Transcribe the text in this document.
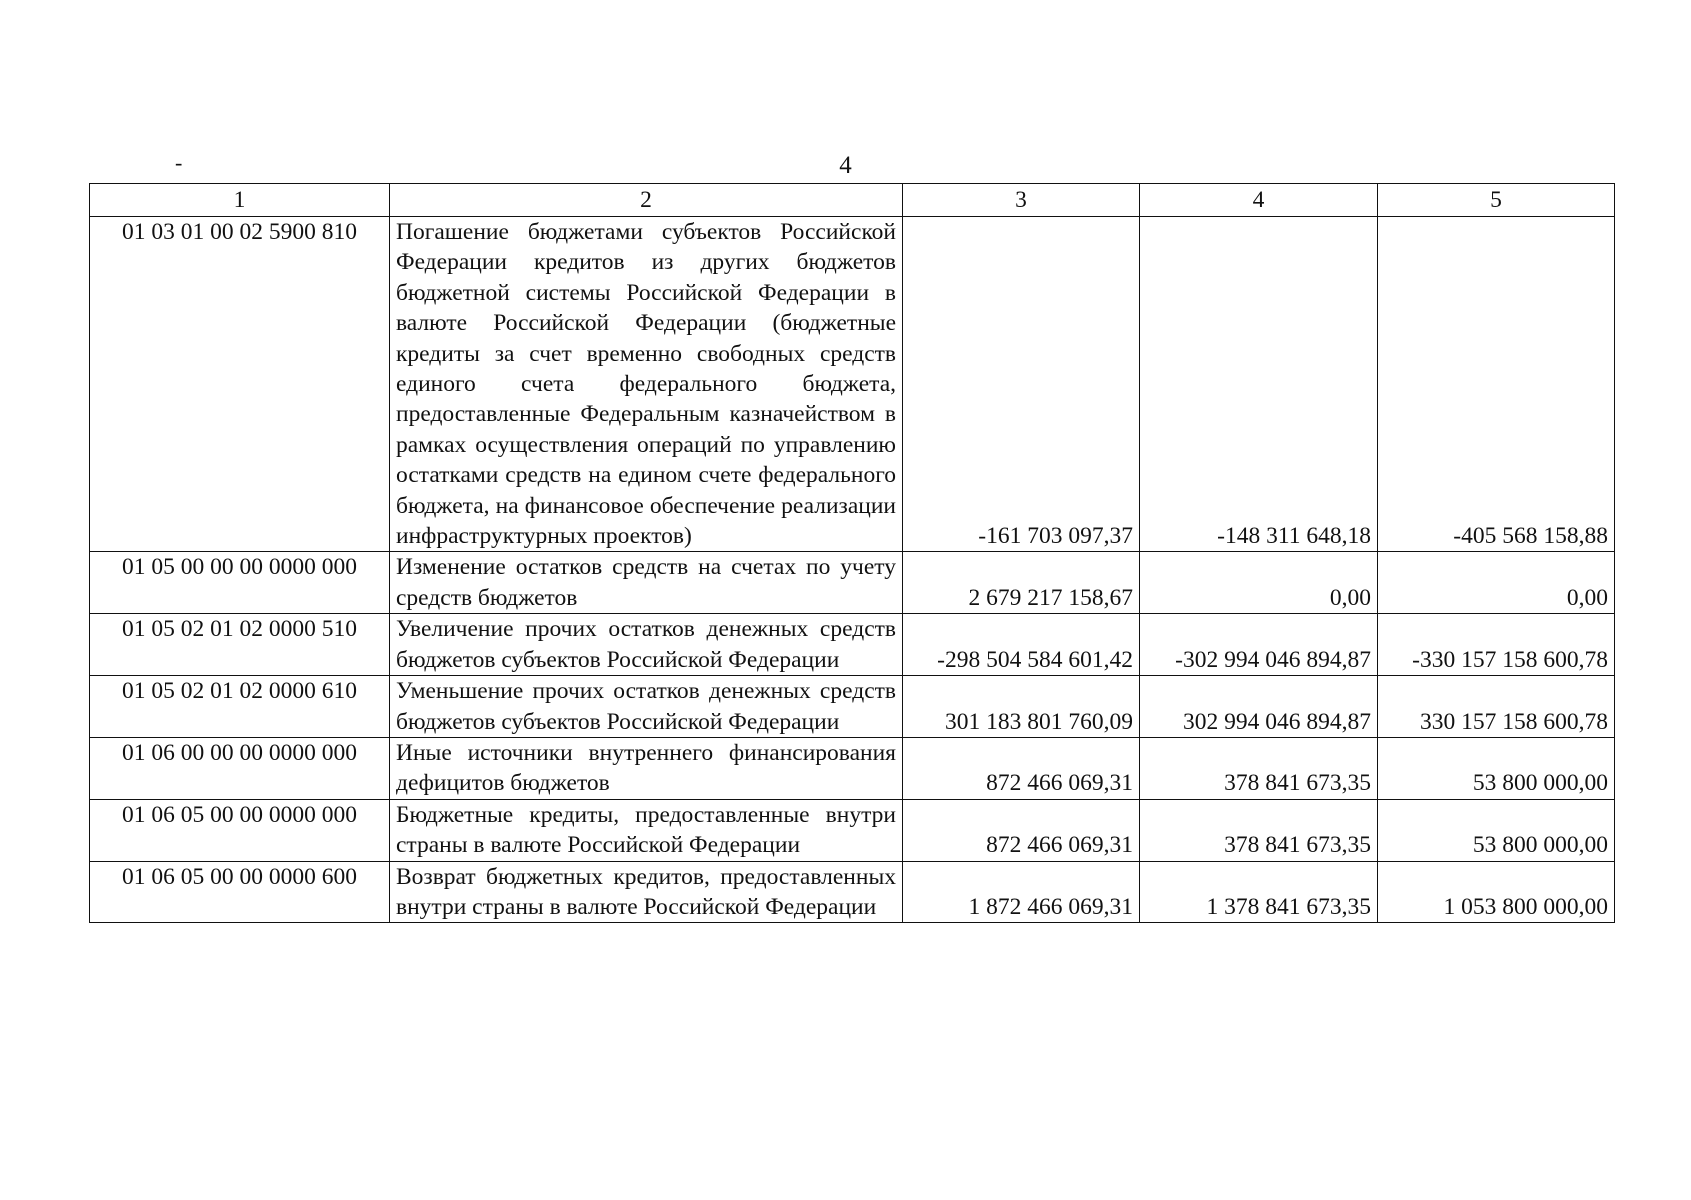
-	4
1	2	3	4	5
01 03 01 00 02 5900 810	Погашение бюджетами субъектов Российской Федерации кредитов из других бюджетов бюджетной системы Российской Федерации в валюте Российской Федерации (бюджетные кредиты за счет временно свободных средств единого счета федерального бюджета, предоставленные Федеральным казначейством в рамках осуществления операций по управлению остатками средств на едином счете федерального бюджета, на финансовое обеспечение реализации инфраструктурных проектов)	-161 703 097,37	-148 311 648,18	-405 568 158,88
01 05 00 00 00 0000 000	Изменение остатков средств на счетах по учету средств бюджетов	2 679 217 158,67	0,00	0,00
01 05 02 01 02 0000 510	Увеличение прочих остатков денежных средств бюджетов субъектов Российской Федерации	-298 504 584 601,42	-302 994 046 894,87	-330 157 158 600,78
01 05 02 01 02 0000 610	Уменьшение прочих остатков денежных средств бюджетов субъектов Российской Федерации	301 183 801 760,09	302 994 046 894,87	330 157 158 600,78
01 06 00 00 00 0000 000	Иные источники внутреннего финансирования дефицитов бюджетов	872 466 069,31	378 841 673,35	53 800 000,00
01 06 05 00 00 0000 000	Бюджетные кредиты, предоставленные внутри страны в валюте Российской Федерации	872 466 069,31	378 841 673,35	53 800 000,00
01 06 05 00 00 0000 600	Возврат бюджетных кредитов, предоставленных внутри страны в валюте Российской Федерации	1 872 466 069,31	1 378 841 673,35	1 053 800 000,00
